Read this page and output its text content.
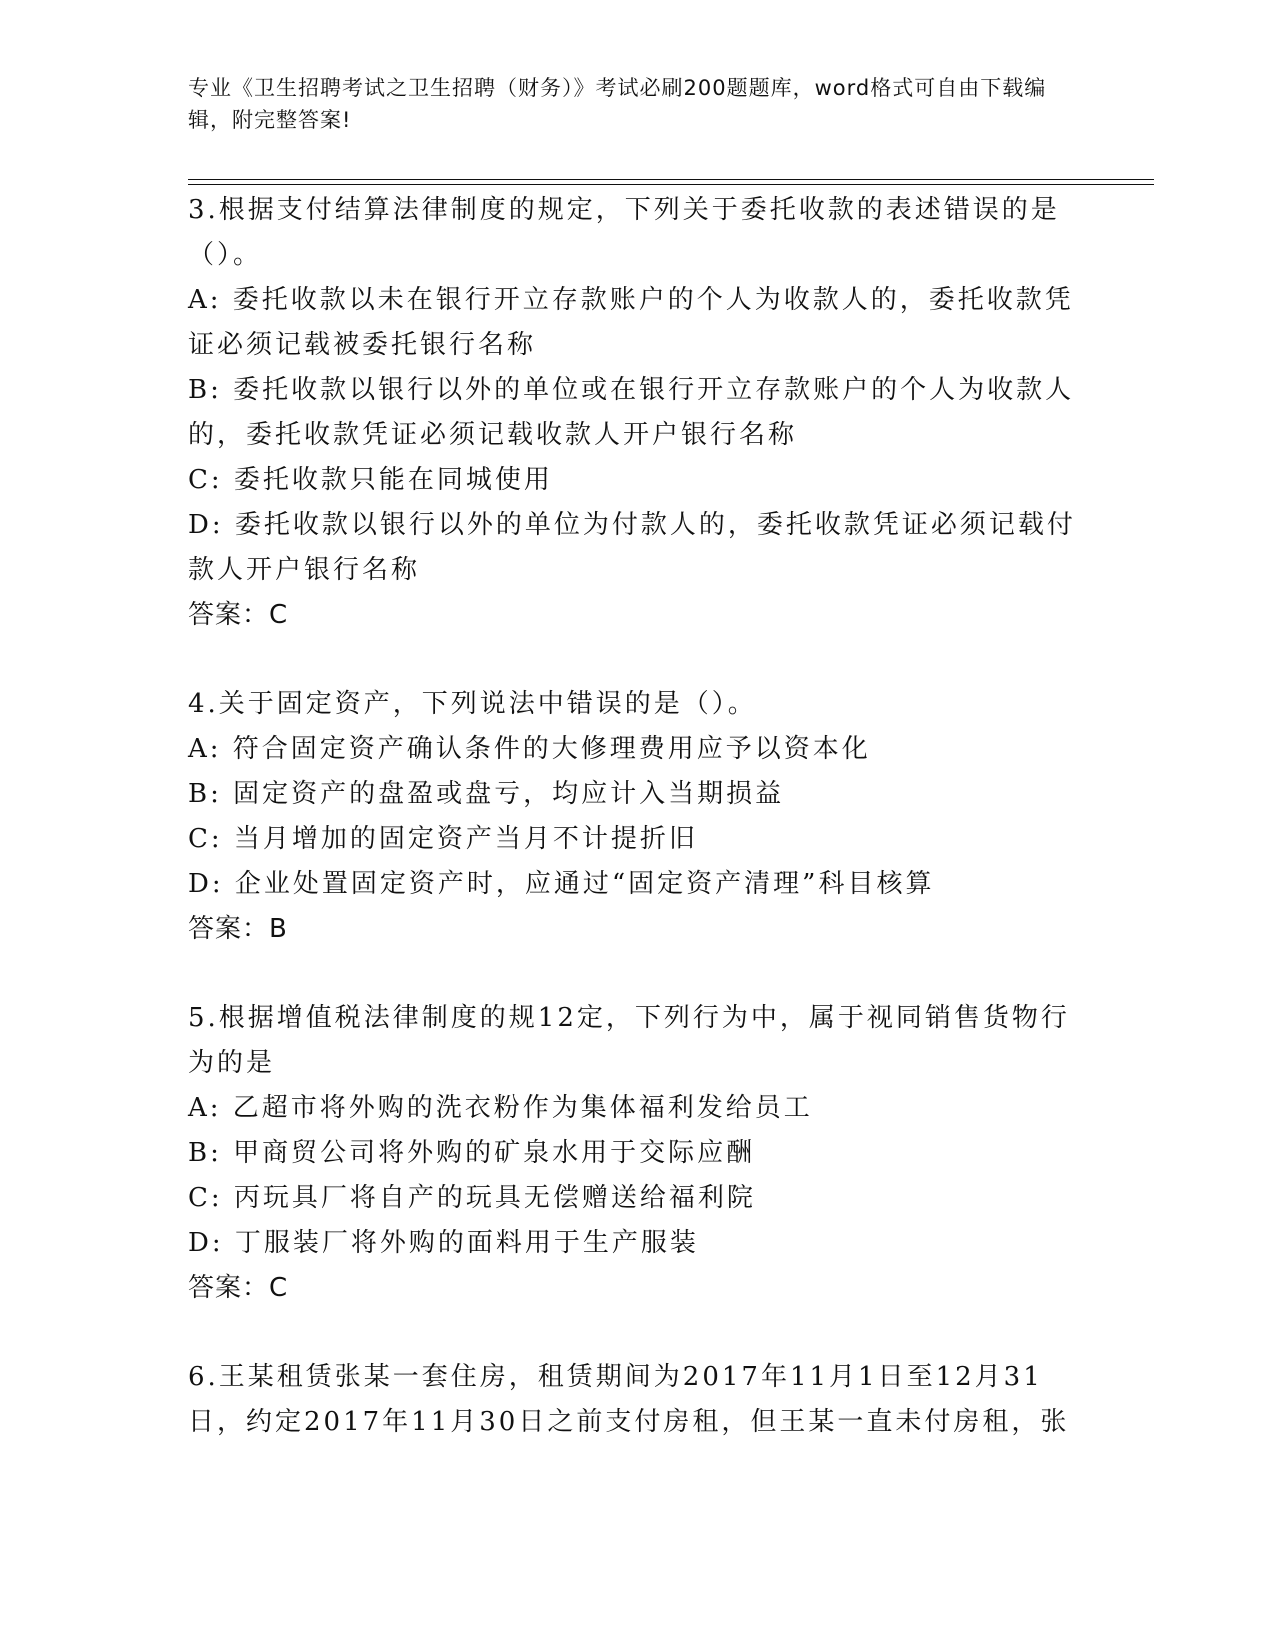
专业《卫生招聘考试之卫生招聘（财务）》考试必刷200题题库，word格式可自由下载编辑，附完整答案!

3.根据支付结算法律制度的规定，下列关于委托收款的表述错误的是（）。

A: 委托收款以未在银行开立存款账户的个人为收款人的，委托收款凭证必须记载被委托银行名称

B: 委托收款以银行以外的单位或在银行开立存款账户的个人为收款人的，委托收款凭证必须记载收款人开户银行名称

C: 委托收款只能在同城使用

D: 委托收款以银行以外的单位为付款人的，委托收款凭证必须记载付款人开户银行名称

答案：C

4.关于固定资产，下列说法中错误的是（）。

A: 符合固定资产确认条件的大修理费用应予以资本化

B: 固定资产的盘盈或盘亏，均应计入当期损益

C: 当月增加的固定资产当月不计提折旧

D: 企业处置固定资产时，应通过“固定资产清理”科目核算

答案：B

5.根据增值税法律制度的规12定，下列行为中，属于视同销售货物行为的是

A: 乙超市将外购的洗衣粉作为集体福利发给员工

B: 甲商贸公司将外购的矿泉水用于交际应酬

C: 丙玩具厂将自产的玩具无偿赠送给福利院

D: 丁服装厂将外购的面料用于生产服装

答案：C

6.王某租赁张某一套住房，租赁期间为2017年11月1日至12月31日，约定2017年11月30日之前支付房租，但王某一直未付房租，张
